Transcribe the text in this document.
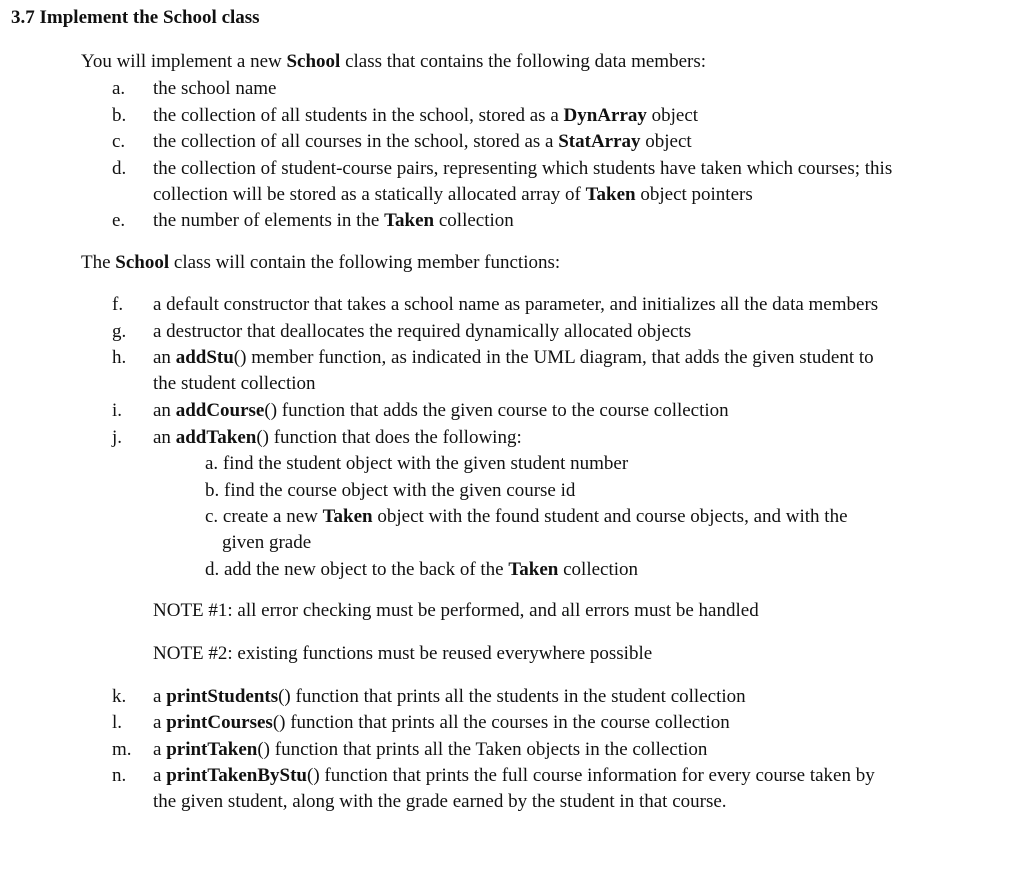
3.7 Implement the School class
You will implement a new School class that contains the following data members:
a. the school name
b. the collection of all students in the school, stored as a DynArray object
c. the collection of all courses in the school, stored as a StatArray object
d. the collection of student-course pairs, representing which students have taken which courses; this
collection will be stored as a statically allocated array of Taken object pointers
e. the number of elements in the Taken collection
The School class will contain the following member functions:
f. a default constructor that takes a school name as parameter, and initializes all the data members
g. a destructor that deallocates the required dynamically allocated objects
h. an addStu() member function, as indicated in the UML diagram, that adds the given student to
the student collection
i. an addCourse() function that adds the given course to the course collection
j. an addTaken() function that does the following:
a. find the student object with the given student number
b. find the course object with the given course id
c. create a new Taken object with the found student and course objects, and with the
given grade
d. add the new object to the back of the Taken collection
NOTE #1: all error checking must be performed, and all errors must be handled
NOTE #2: existing functions must be reused everywhere possible
k. a printStudents() function that prints all the students in the student collection
l. a printCourses() function that prints all the courses in the course collection
m. a printTaken() function that prints all the Taken objects in the collection
n. a printTakenByStu() function that prints the full course information for every course taken by
the given student, along with the grade earned by the student in that course.
